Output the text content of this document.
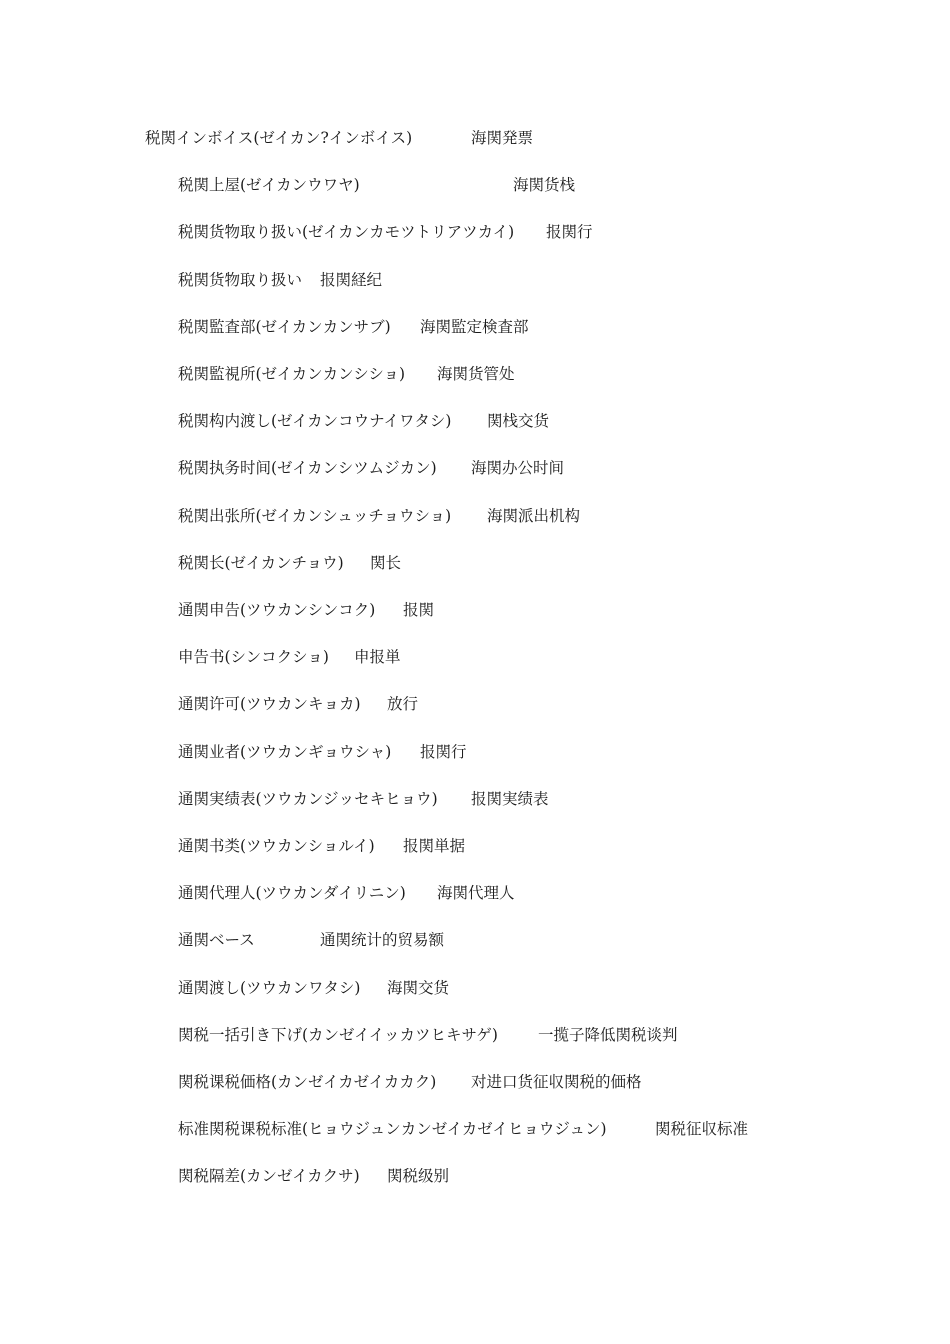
税関インボイス(ゼイカン?インボイス)	海関発票
税関上屋(ゼイカンウワヤ)	海関货栈
税関货物取り扱い(ゼイカンカモツトリアツカイ) 报関行
税関货物取り扱い 报関経纪
税関監査部(ゼイカンカンサブ) 海関監定検査部
税関監視所(ゼイカンカンシショ) 海関货管处
税関构内渡し(ゼイカンコウナイワタシ) 関栈交货
税関执务时间(ゼイカンシツムジカン) 海関办公时间
税関出张所(ゼイカンシュッチョウショ) 海関派出机构
税関长(ゼイカンチョウ) 関长
通関申告(ツウカンシンコク) 报関
申告书(シンコクショ) 申报単
通関许可(ツウカンキョカ) 放行
通関业者(ツウカンギョウシャ) 报関行
通関実绩表(ツウカンジッセキヒョウ) 报関実绩表
通関书类(ツウカンショルイ) 报関単据
通関代理人(ツウカンダイリニン) 海関代理人
通関ベース	通関统计的贸易额
通関渡し(ツウカンワタシ) 海関交货
関税一括引き下げ(カンゼイイッカツヒキサゲ)	一揽子降低関税谈判
関税课税価格(カンゼイカゼイカカク) 对进口货征収関税的価格
标准関税课税标准(ヒョウジュンカンゼイカゼイヒョウジュン)	関税征収标准
関税隔差(カンゼイカクサ) 関税级别
